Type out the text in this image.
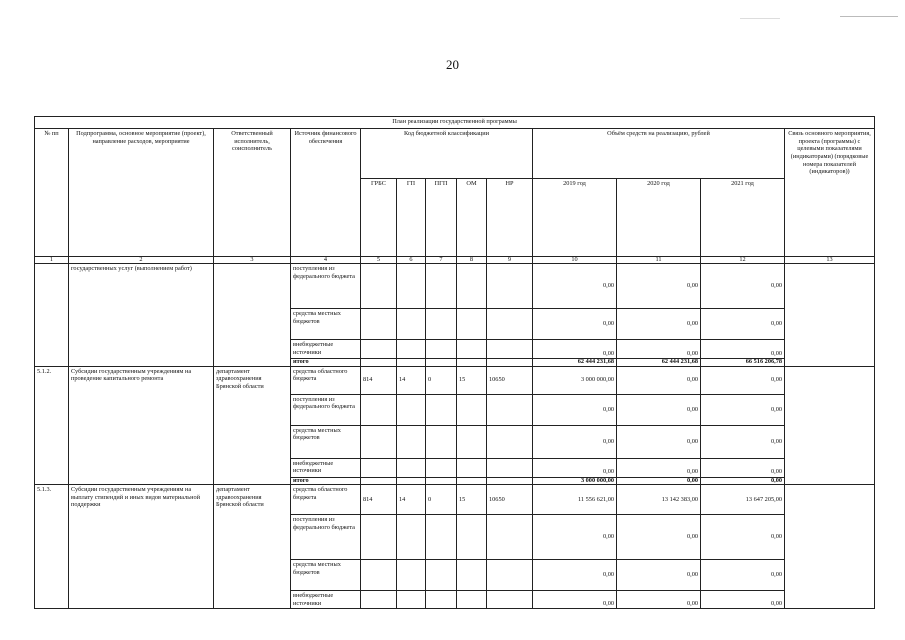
20
План реализации государственной программы												
№ пп	Подпрограмма, основное мероприятие (проект), направление расходов, мероприятие	Ответственный исполнитель, соисполнитель	Источник финансового обеспечения	Код бюджетной классификации					Объём средств на реализацию, рублей			Связь основного мероприятия, проекта (программы) с целевыми показателями (индикаторами) (порядковые номера показателей (индикаторов))
				ГРБС	ГП	ПГП	ОМ	НР	2019 год	2020 год	2021 год	
1	2	3	4	5	6	7	8	9	10	11	12	13
	государственных услуг (выполнением работ)		поступления из федерального бюджета						0,00	0,00	0,00	
			средства местных бюджетов						0,00	0,00	0,00	
			внебюджетные источники						0,00	0,00	0,00	
			итого						62 444 231,68	62 444 231,68	66 516 206,78	
5.1.2.	Субсидии государственным учреждениям на проведение капитального ремонта	департамент здравоохранения Брянской области	средства областного бюджета	814	14	0	15	10650	3 000 000,00	0,00	0,00	
			поступления из федерального бюджета						0,00	0,00	0,00	
			средства местных бюджетов						0,00	0,00	0,00	
			внебюджетные источники						0,00	0,00	0,00	
			итого						3 000 000,00	0,00	0,00	
5.1.3.	Субсидии государственным учреждениям на выплату стипендий и иных видов материальной поддержки	департамент здравоохранения Брянской области	средства областного бюджета	814	14	0	15	10650	11 556 621,00	13 142 383,00	13 647 205,00	
			поступления из федерального бюджета						0,00	0,00	0,00	
			средства местных бюджетов						0,00	0,00	0,00	
			внебюджетные источники						0,00	0,00	0,00	
